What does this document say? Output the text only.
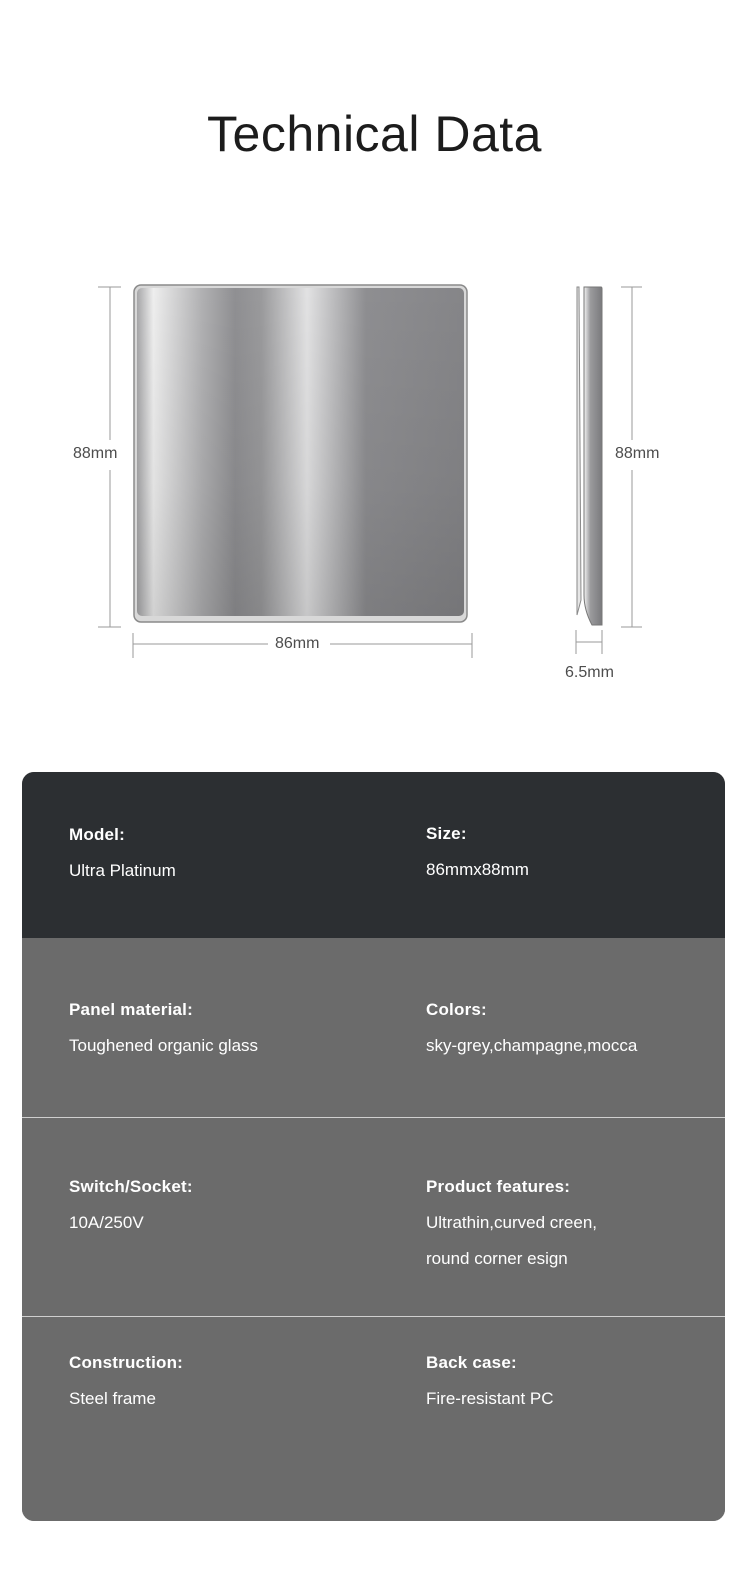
Technical Data
88mm
86mm
88mm
6.5mm
Model:
Ultra Platinum
Size:
86mmx88mm
Panel material:
Toughened organic glass
Colors:
sky-grey,champagne,mocca
Switch/Socket:
10A/250V
Product features:
Ultrathin,curved creen,
round corner esign
Construction:
Steel frame
Back case:
Fire-resistant PC
